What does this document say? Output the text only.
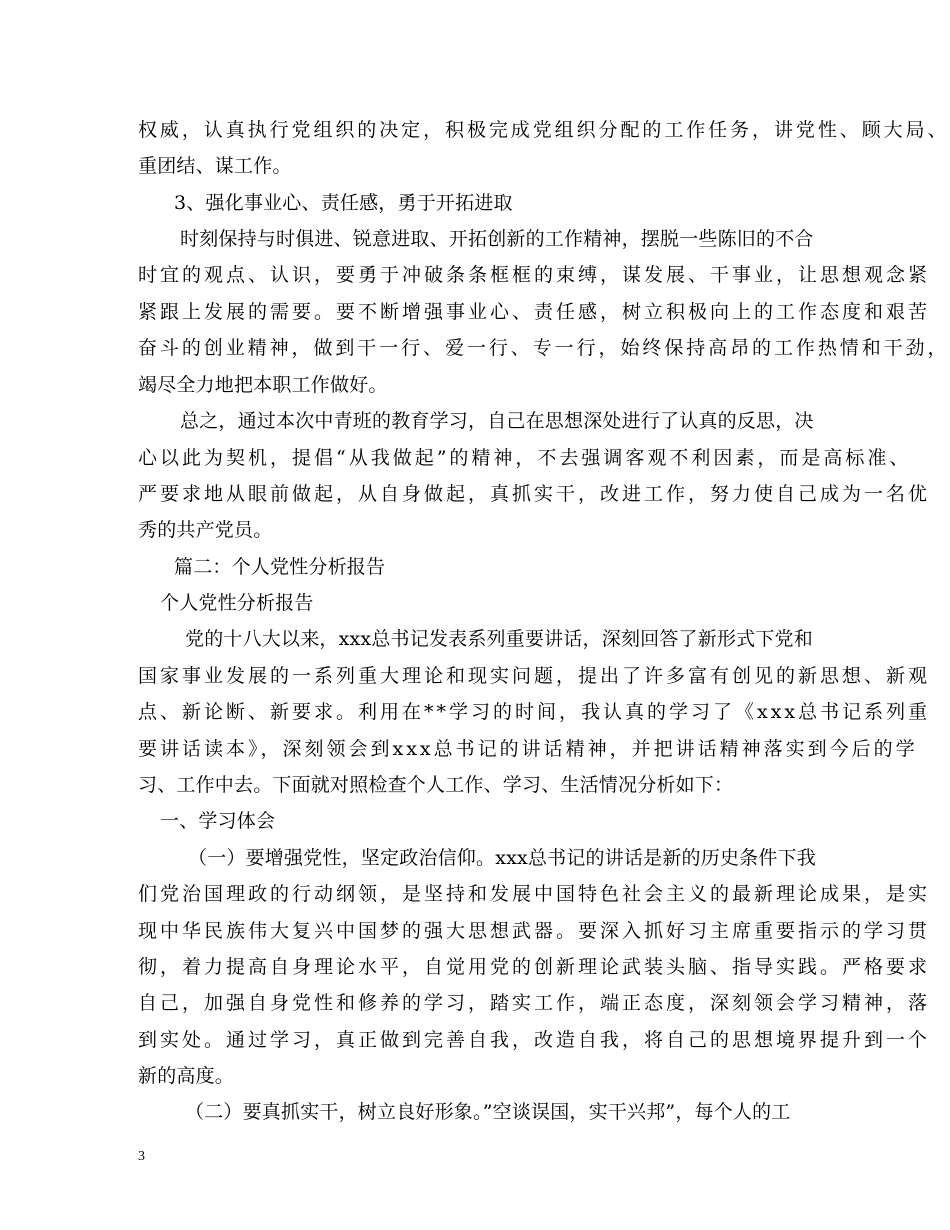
权威，认真执行党组织的决定，积极完成党组织分配的工作任务，讲党性、顾大局、
重团结、谋工作。
3、强化事业心、责任感，勇于开拓进取
时刻保持与时俱进、锐意进取、开拓创新的工作精神，摆脱一些陈旧的不合
时宜的观点、认识，要勇于冲破条条框框的束缚，谋发展、干事业，让思想观念紧
紧跟上发展的需要。要不断增强事业心、责任感，树立积极向上的工作态度和艰苦
奋斗的创业精神，做到干一行、爱一行、专一行，始终保持高昂的工作热情和干劲，
竭尽全力地把本职工作做好。
总之，通过本次中青班的教育学习，自己在思想深处进行了认真的反思，决
心以此为契机，提倡“从我做起”的精神，不去强调客观不利因素，而是高标准、
严要求地从眼前做起，从自身做起，真抓实干，改进工作，努力使自己成为一名优
秀的共产党员。
篇二：个人党性分析报告
个人党性分析报告
党的十八大以来，xxx总书记发表系列重要讲话，深刻回答了新形式下党和
国家事业发展的一系列重大理论和现实问题，提出了许多富有创见的新思想、新观
点、新论断、新要求。利用在**学习的时间，我认真的学习了《xxx总书记系列重
要讲话读本》，深刻领会到xxx总书记的讲话精神，并把讲话精神落实到今后的学
习、工作中去。下面就对照检查个人工作、学习、生活情况分析如下：
一、学习体会
（一）要增强党性，坚定政治信仰。xxx总书记的讲话是新的历史条件下我
们党治国理政的行动纲领，是坚持和发展中国特色社会主义的最新理论成果，是实
现中华民族伟大复兴中国梦的强大思想武器。要深入抓好习主席重要指示的学习贯
彻，着力提高自身理论水平，自觉用党的创新理论武装头脑、指导实践。严格要求
自己，加强自身党性和修养的学习，踏实工作，端正态度，深刻领会学习精神，落
到实处。通过学习，真正做到完善自我，改造自我，将自己的思想境界提升到一个
新的高度。
（二）要真抓实干，树立良好形象。”空谈误国，实干兴邦”，每个人的工
3
